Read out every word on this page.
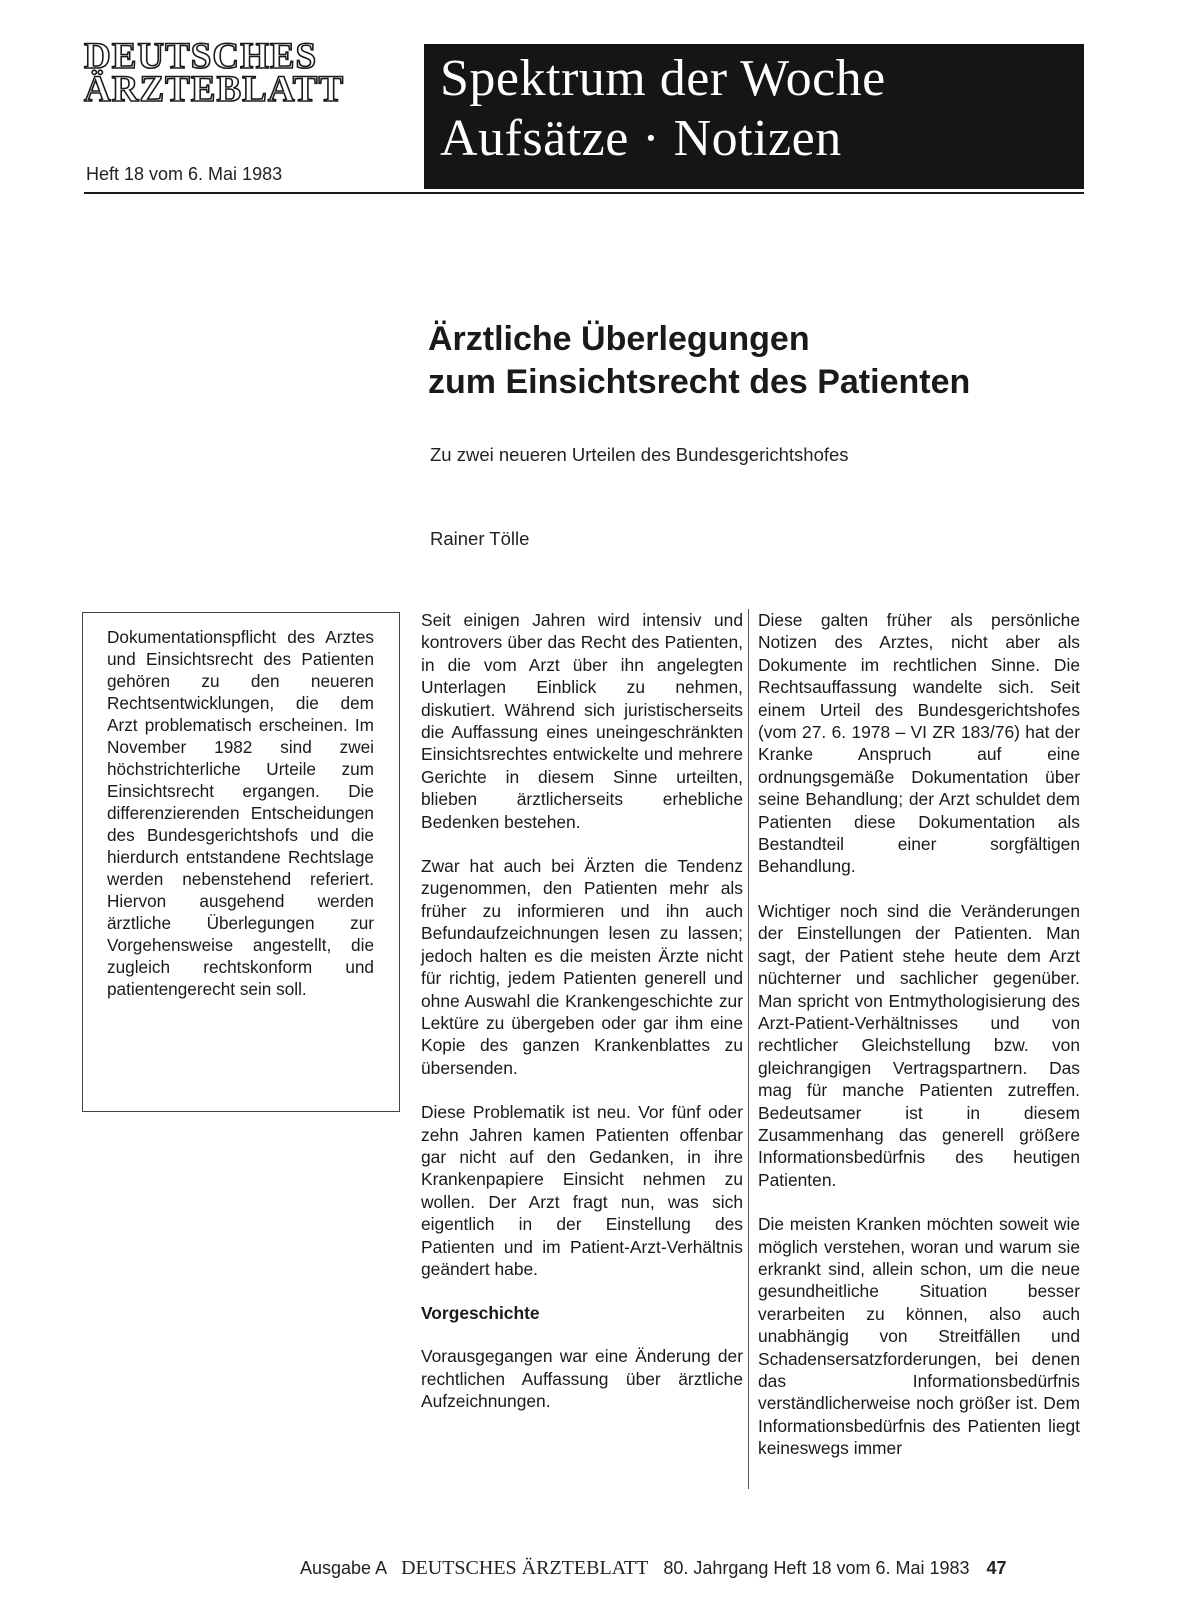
DEUTSCHES
ÄRZTEBLATT
Heft 18 vom 6. Mai 1983
Spektrum der Woche
Aufsätze · Notizen
Ärztliche Überlegungen
zum Einsichtsrecht des Patienten
Zu zwei neueren Urteilen des Bundesgerichtshofes
Rainer Tölle

Dokumentationspflicht des Arztes und Einsichtsrecht des Patienten gehören zu den neueren Rechtsentwicklungen, die dem Arzt problematisch erscheinen. Im November 1982 sind zwei höchstrichterliche Urteile zum Einsichtsrecht ergangen. Die differenzierenden Entscheidungen des Bundesgerichtshofs und die hierdurch entstandene Rechtslage werden nebenstehend referiert. Hiervon ausgehend werden ärztliche Überlegungen zur Vorgehensweise angestellt, die zugleich rechtskonform und patientengerecht sein soll.

Seit einigen Jahren wird intensiv und kontrovers über das Recht des Patienten, in die vom Arzt über ihn angelegten Unterlagen Einblick zu nehmen, diskutiert. Während sich juristischerseits die Auffassung eines uneingeschränkten Einsichtsrechtes entwickelte und mehrere Gerichte in diesem Sinne urteilten, blieben ärztlicherseits erhebliche Bedenken bestehen.

Zwar hat auch bei Ärzten die Tendenz zugenommen, den Patienten mehr als früher zu informieren und ihn auch Befundaufzeichnungen lesen zu lassen; jedoch halten es die meisten Ärzte nicht für richtig, jedem Patienten generell und ohne Auswahl die Krankengeschichte zur Lektüre zu übergeben oder gar ihm eine Kopie des ganzen Krankenblattes zu übersenden.

Diese Problematik ist neu. Vor fünf oder zehn Jahren kamen Patienten offenbar gar nicht auf den Gedanken, in ihre Krankenpapiere Einsicht nehmen zu wollen. Der Arzt fragt nun, was sich eigentlich in der Einstellung des Patienten und im Patient-Arzt-Verhältnis geändert habe.

Vorgeschichte

Vorausgegangen war eine Änderung der rechtlichen Auffassung über ärztliche Aufzeichnungen.

Diese galten früher als persönliche Notizen des Arztes, nicht aber als Dokumente im rechtlichen Sinne. Die Rechtsauffassung wandelte sich. Seit einem Urteil des Bundesgerichtshofes (vom 27. 6. 1978 – VI ZR 183/76) hat der Kranke Anspruch auf eine ordnungsgemäße Dokumentation über seine Behandlung; der Arzt schuldet dem Patienten diese Dokumentation als Bestandteil einer sorgfältigen Behandlung.

Wichtiger noch sind die Veränderungen der Einstellungen der Patienten. Man sagt, der Patient stehe heute dem Arzt nüchterner und sachlicher gegenüber. Man spricht von Entmythologisierung des Arzt-Patient-Verhältnisses und von rechtlicher Gleichstellung bzw. von gleichrangigen Vertragspartnern. Das mag für manche Patienten zutreffen. Bedeutsamer ist in diesem Zusammenhang das generell größere Informationsbedürfnis des heutigen Patienten.

Die meisten Kranken möchten soweit wie möglich verstehen, woran und warum sie erkrankt sind, allein schon, um die neue gesundheitliche Situation besser verarbeiten zu können, also auch unabhängig von Streitfällen und Schadensersatzforderungen, bei denen das Informationsbedürfnis verständlicherweise noch größer ist. Dem Informationsbedürfnis des Patienten liegt keineswegs immer

Ausgabe A DEUTSCHES ÄRZTEBLATT 80. Jahrgang Heft 18 vom 6. Mai 1983 47
